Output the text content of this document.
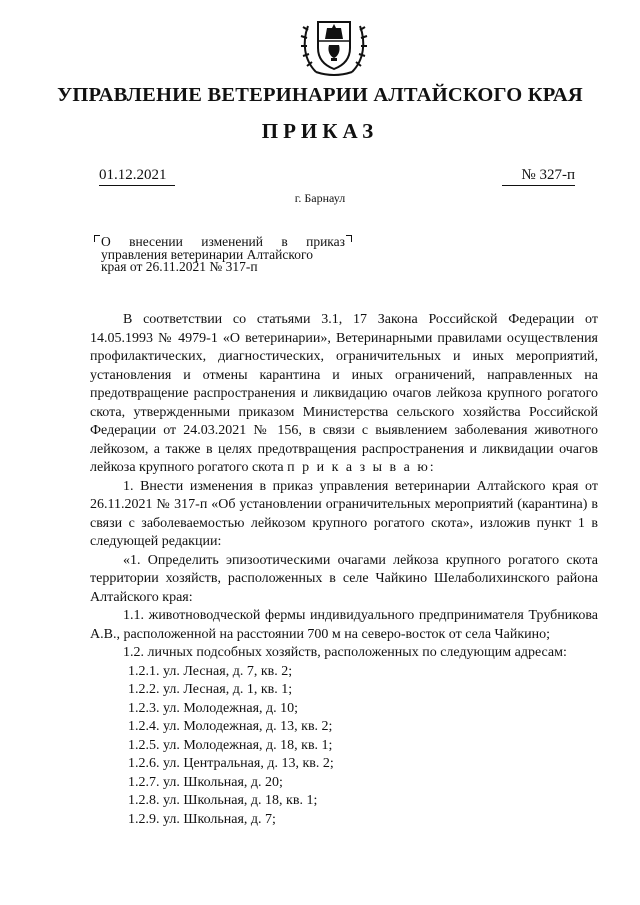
УПРАВЛЕНИЕ ВЕТЕРИНАРИИ АЛТАЙСКОГО КРАЯ
ПРИКАЗ
01.12.2021	№ 327-п
г. Барнаул
О внесении изменений в приказ
управления ветеринарии Алтайского
края от 26.11.2021 № 317-п

В соответствии со статьями 3.1, 17 Закона Российской Федерации от 14.05.1993 № 4979-1 «О ветеринарии», Ветеринарными правилами осуществления профилактических, диагностических, ограничительных и иных мероприятий, установления и отмены карантина и иных ограничений, направленных на предотвращение распространения и ликвидацию очагов лейкоза крупного рогатого скота, утвержденными приказом Министерства сельского хозяйства Российской Федерации от 24.03.2021 № 156, в связи с выявлением заболевания животного лейкозом, а также в целях предотвращения распространения и ликвидации очагов лейкоза крупного рогатого скота п р и к а з ы в а ю:

1. Внести изменения в приказ управления ветеринарии Алтайского края от 26.11.2021 № 317-п «Об установлении ограничительных мероприятий (карантина) в связи с заболеваемостью лейкозом крупного рогатого скота», изложив пункт 1 в следующей редакции:

«1. Определить эпизоотическими очагами лейкоза крупного рогатого скота территории хозяйств, расположенных в селе Чайкино Шелаболихинского района Алтайского края:

1.1. животноводческой фермы индивидуального предпринимателя Трубникова А.В., расположенной на расстоянии 700 м на северо-восток от села Чайкино;

1.2. личных подсобных хозяйств, расположенных по следующим адресам:

1.2.1. ул. Лесная, д. 7, кв. 2;

1.2.2. ул. Лесная, д. 1, кв. 1;

1.2.3. ул. Молодежная, д. 10;

1.2.4. ул. Молодежная, д. 13, кв. 2;

1.2.5. ул. Молодежная, д. 18, кв. 1;

1.2.6. ул. Центральная, д. 13, кв. 2;

1.2.7. ул. Школьная, д. 20;

1.2.8. ул. Школьная, д. 18, кв. 1;

1.2.9. ул. Школьная, д. 7;
